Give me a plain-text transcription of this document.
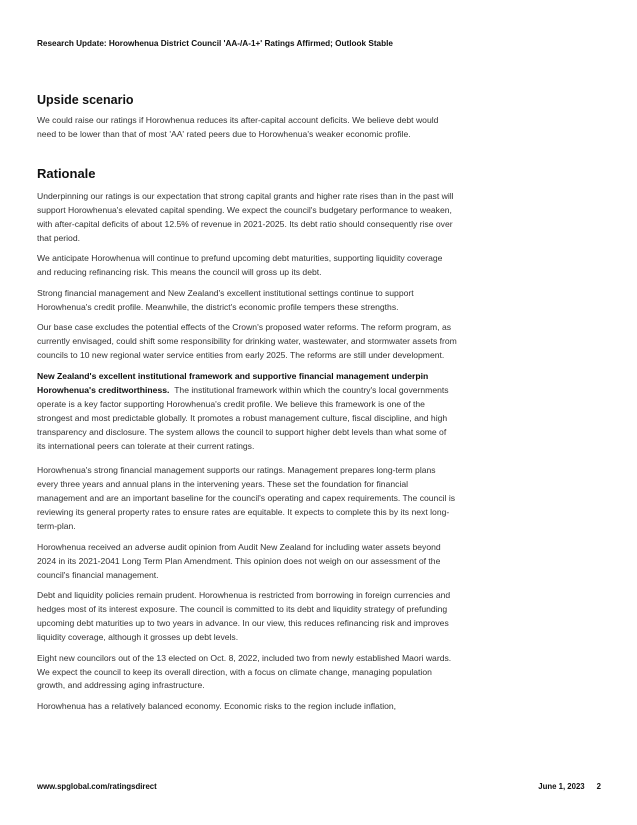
Research Update: Horowhenua District Council 'AA-/A-1+' Ratings Affirmed; Outlook Stable
Upside scenario

We could raise our ratings if Horowhenua reduces its after-capital account deficits. We believe debt would need to be lower than that of most 'AA' rated peers due to Horowhenua's weaker economic profile.

Rationale

Underpinning our ratings is our expectation that strong capital grants and higher rate rises than in the past will support Horowhenua's elevated capital spending. We expect the council's budgetary performance to weaken, with after-capital deficits of about 12.5% of revenue in 2021-2025. Its debt ratio should consequently rise over that period.

We anticipate Horowhenua will continue to prefund upcoming debt maturities, supporting liquidity coverage and reducing refinancing risk. This means the council will gross up its debt.

Strong financial management and New Zealand's excellent institutional settings continue to support Horowhenua's credit profile. Meanwhile, the district's economic profile tempers these strengths.

Our base case excludes the potential effects of the Crown's proposed water reforms. The reform program, as currently envisaged, could shift some responsibility for drinking water, wastewater, and stormwater assets from councils to 10 new regional water service entities from early 2025. The reforms are still under development.

New Zealand's excellent institutional framework and supportive financial management underpin Horowhenua's creditworthiness. The institutional framework within which the country's local governments operate is a key factor supporting Horowhenua's credit profile. We believe this framework is one of the strongest and most predictable globally. It promotes a robust management culture, fiscal discipline, and high transparency and disclosure. The system allows the council to support higher debt levels than what some of its international peers can tolerate at their current ratings.

Horowhenua's strong financial management supports our ratings. Management prepares long-term plans every three years and annual plans in the intervening years. These set the foundation for financial management and are an important baseline for the council's operating and capex requirements. The council is reviewing its general property rates to ensure rates are equitable. It expects to complete this by its next long-term-plan.

Horowhenua received an adverse audit opinion from Audit New Zealand for including water assets beyond 2024 in its 2021-2041 Long Term Plan Amendment. This opinion does not weigh on our assessment of the council's financial management.

Debt and liquidity policies remain prudent. Horowhenua is restricted from borrowing in foreign currencies and hedges most of its interest exposure. The council is committed to its debt and liquidity strategy of prefunding upcoming debt maturities up to two years in advance. In our view, this reduces refinancing risk and improves liquidity coverage, although it grosses up debt levels.

Eight new councilors out of the 13 elected on Oct. 8, 2022, included two from newly established Maori wards. We expect the council to keep its overall direction, with a focus on climate change, managing population growth, and addressing aging infrastructure.

Horowhenua has a relatively balanced economy. Economic risks to the region include inflation,

www.spglobal.com/ratingsdirect	June 1, 2023 2
